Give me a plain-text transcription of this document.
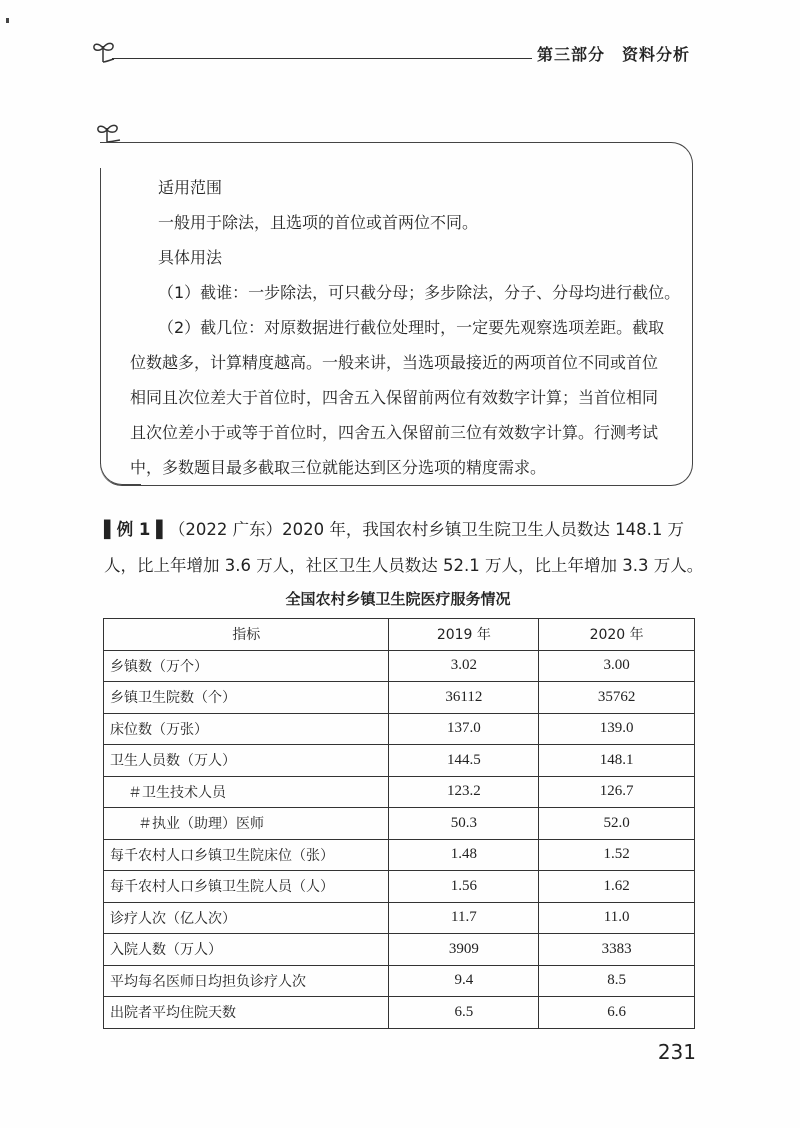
第三部分　资料分析
适用范围
一般用于除法，且选项的首位或首两位不同。
具体用法
（1）截谁：一步除法，可只截分母；多步除法，分子、分母均进行截位。
（2）截几位：对原数据进行截位处理时，一定要先观察选项差距。截取
位数越多，计算精度越高。一般来讲，当选项最接近的两项首位不同或首位
相同且次位差大于首位时，四舍五入保留前两位有效数字计算；当首位相同
且次位差小于或等于首位时，四舍五入保留前三位有效数字计算。行测考试
中，多数题目最多截取三位就能达到区分选项的精度需求。
▌例 1 ▌（2022 广东）2020 年，我国农村乡镇卫生院卫生人员数达 148.1 万
人，比上年增加 3.6 万人，社区卫生人员数达 52.1 万人，比上年增加 3.3 万人。
全国农村乡镇卫生院医疗服务情况
指标	2019 年	2020 年
乡镇数（万个）	3.02	3.00
乡镇卫生院数（个）	36112	35762
床位数（万张）	137.0	139.0
卫生人员数（万人）	144.5	148.1
＃卫生技术人员	123.2	126.7
＃执业（助理）医师	50.3	52.0
每千农村人口乡镇卫生院床位（张）	1.48	1.52
每千农村人口乡镇卫生院人员（人）	1.56	1.62
诊疗人次（亿人次）	11.7	11.0
入院人数（万人）	3909	3383
平均每名医师日均担负诊疗人次	9.4	8.5
出院者平均住院天数	6.5	6.6
231
